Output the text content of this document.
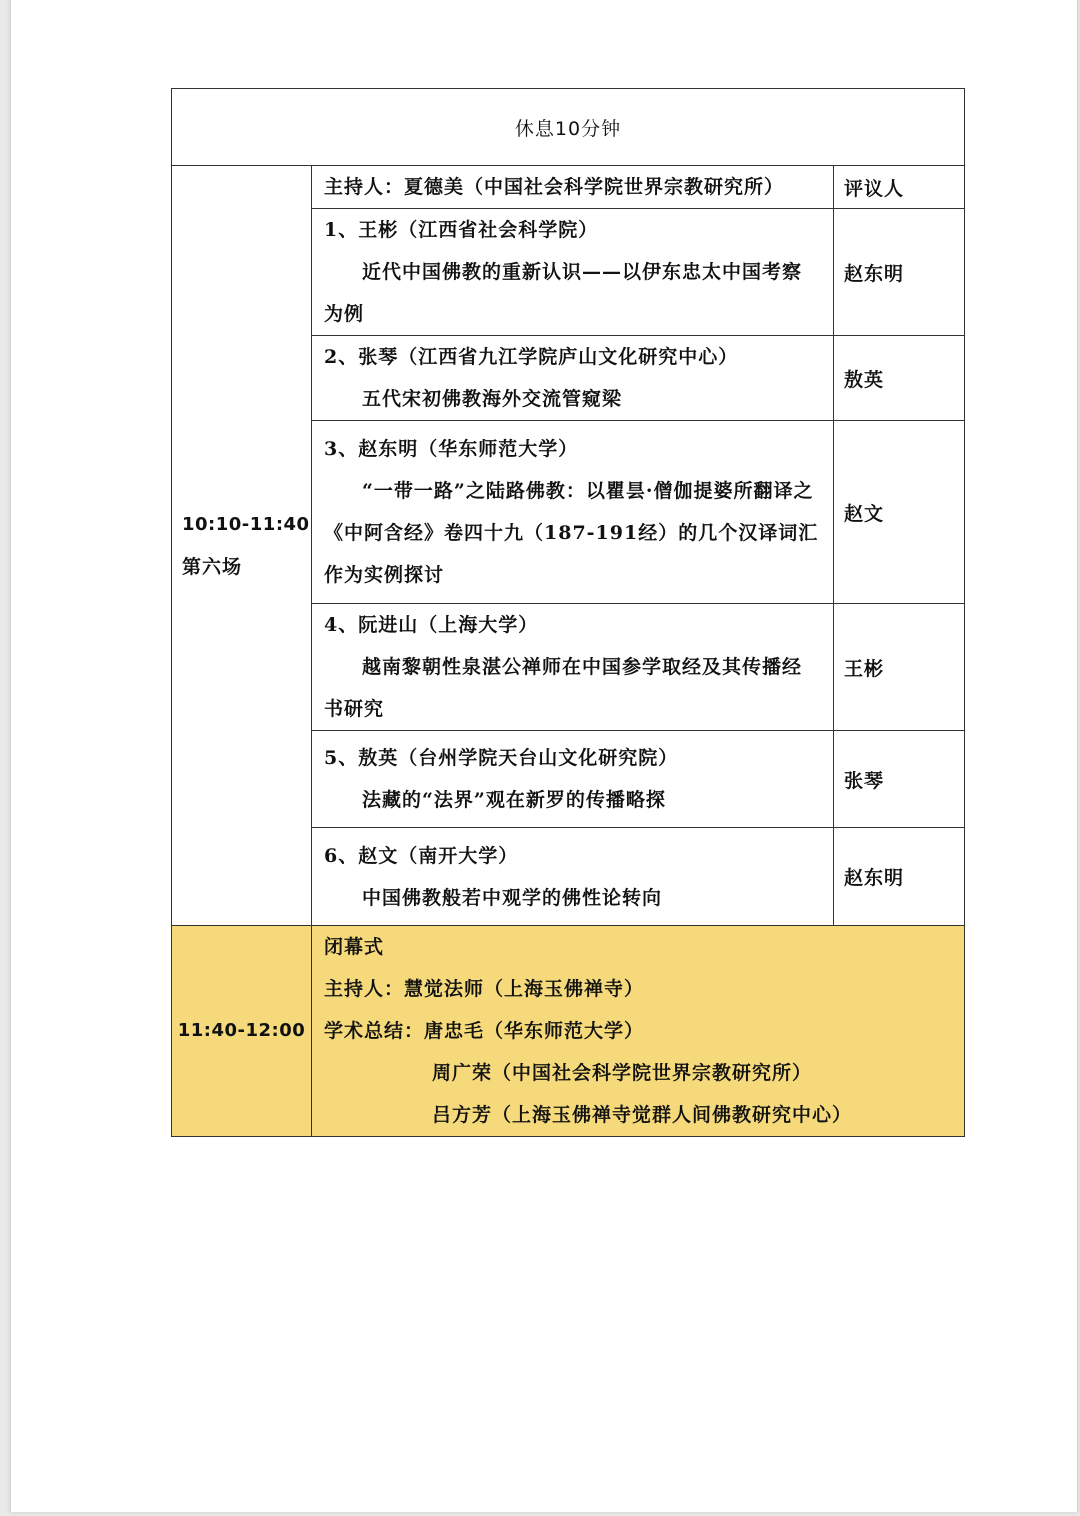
休息10分钟		

10:10-11:40
第六场	主持人：夏德美（中国社会科学院世界宗教研究所）	评议人

	1、王彬（江西省社会科学院）
近代中国佛教的重新认识——以伊东忠太中国考察为例	赵东明

	2、张琴（江西省九江学院庐山文化研究中心）
五代宋初佛教海外交流管窥梁	敖英

	3、赵东明（华东师范大学）
“一带一路”之陆路佛教：以瞿昙·僧伽提婆所翻译之《中阿含经》卷四十九（187-191经）的几个汉译词汇作为实例探讨	赵文

	4、阮进山（上海大学）
越南黎朝性泉湛公禅师在中国参学取经及其传播经书研究	王彬

	5、敖英（台州学院天台山文化研究院）
法藏的“法界”观在新罗的传播略探	张琴

	6、赵文（南开大学）
中国佛教般若中观学的佛性论转向	赵东明
11:40-12:00	闭幕式
主持人：慧觉法师（上海玉佛禅寺）
学术总结：唐忠毛（华东师范大学）
周广荣（中国社会科学院世界宗教研究所）
吕方芳（上海玉佛禅寺觉群人间佛教研究中心）	
